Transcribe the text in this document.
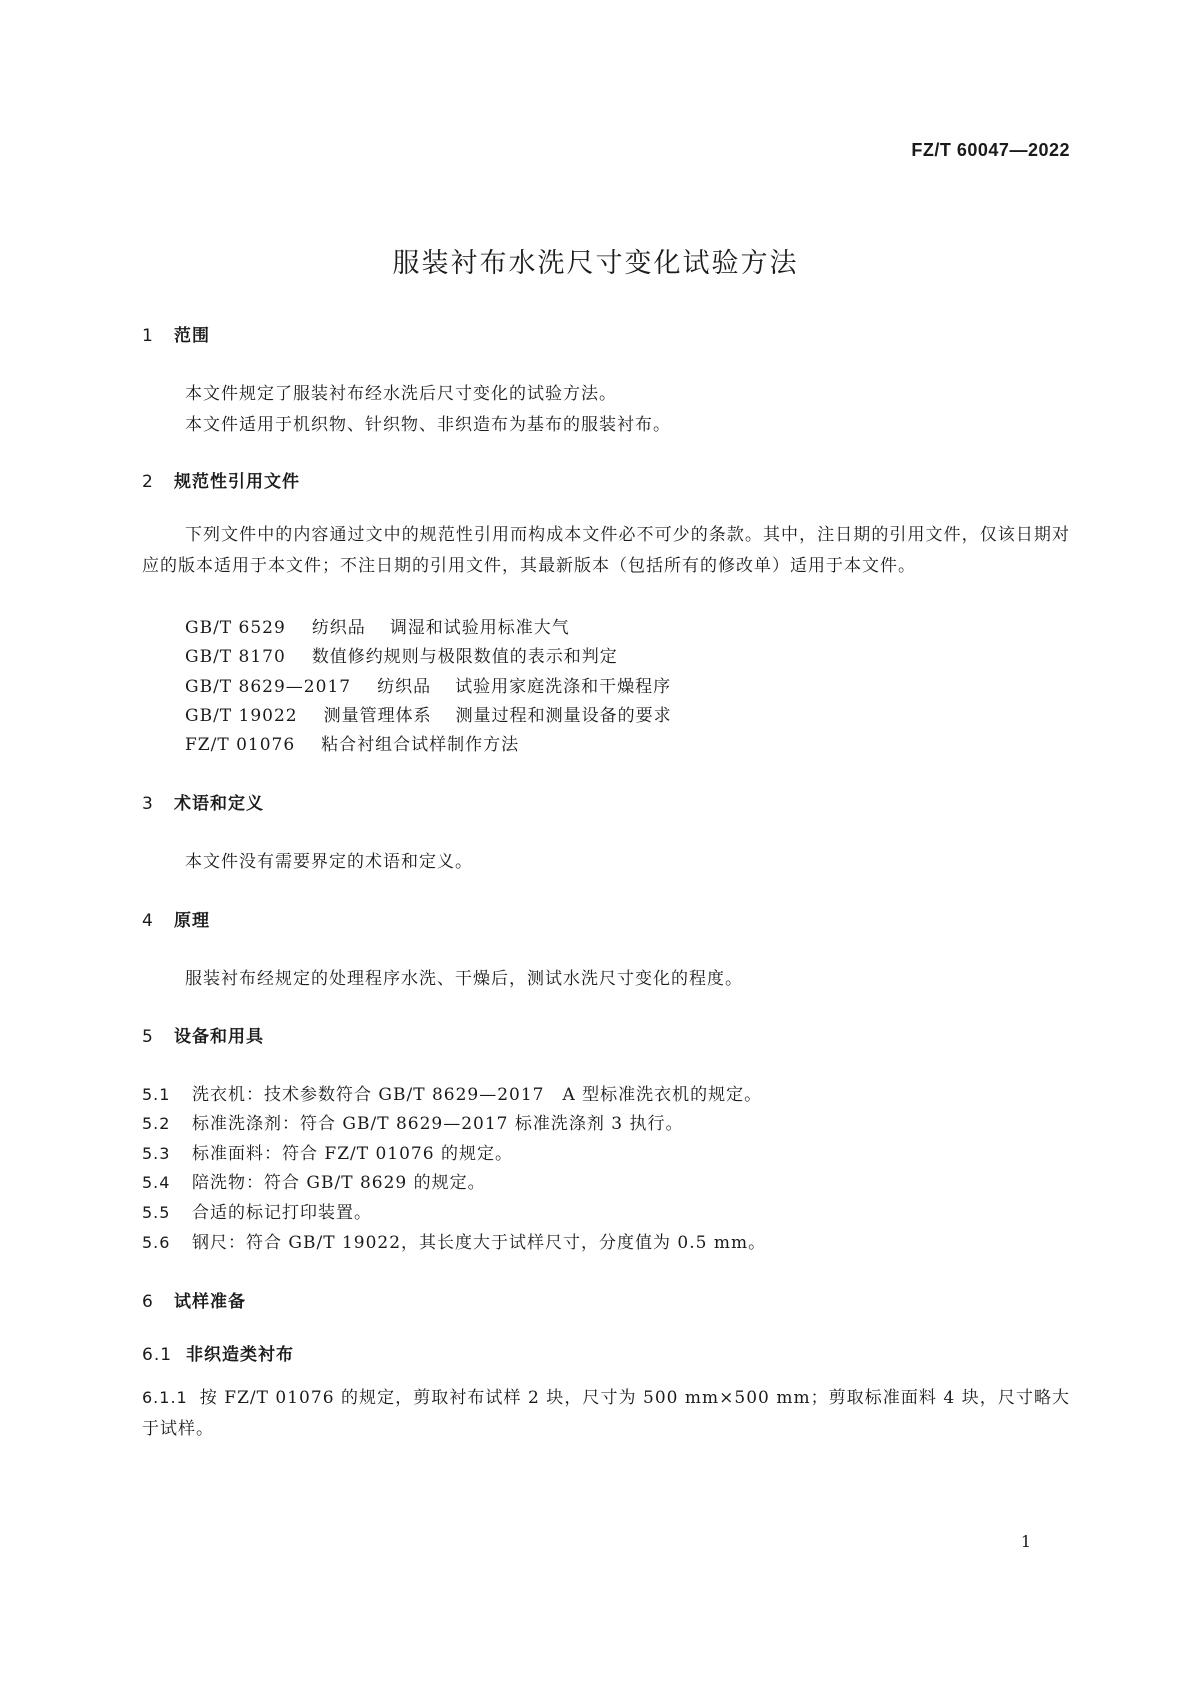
FZ/T 60047—2022
服装衬布水洗尺寸变化试验方法
1 范围
本文件规定了服装衬布经水洗后尺寸变化的试验方法。
本文件适用于机织物、针织物、非织造布为基布的服装衬布。
2 规范性引用文件

下列文件中的内容通过文中的规范性引用而构成本文件必不可少的条款。其中，注日期的引用文件，仅该日期对应的版本适用于本文件；不注日期的引用文件，其最新版本（包括所有的修改单）适用于本文件。

GB/T 6529 纺织品 调湿和试验用标准大气
GB/T 8170 数值修约规则与极限数值的表示和判定
GB/T 8629—2017 纺织品 试验用家庭洗涤和干燥程序
GB/T 19022 测量管理体系 测量过程和测量设备的要求
FZ/T 01076 粘合衬组合试样制作方法
3 术语和定义
本文件没有需要界定的术语和定义。
4 原理
服装衬布经规定的处理程序水洗、干燥后，测试水洗尺寸变化的程度。
5 设备和用具
5.1 洗衣机：技术参数符合 GB/T 8629—2017　A 型标准洗衣机的规定。
5.2 标准洗涤剂：符合 GB/T 8629—2017 标准洗涤剂 3 执行。
5.3 标准面料：符合 FZ/T 01076 的规定。
5.4 陪洗物：符合 GB/T 8629 的规定。
5.5 合适的标记打印装置。
5.6 钢尺：符合 GB/T 19022，其长度大于试样尺寸，分度值为 0.5 mm。
6 试样准备
6.1 非织造类衬布

6.1.1 按 FZ/T 01076 的规定，剪取衬布试样 2 块，尺寸为 500 mm×500 mm；剪取标准面料 4 块，尺寸略大于试样。

1
